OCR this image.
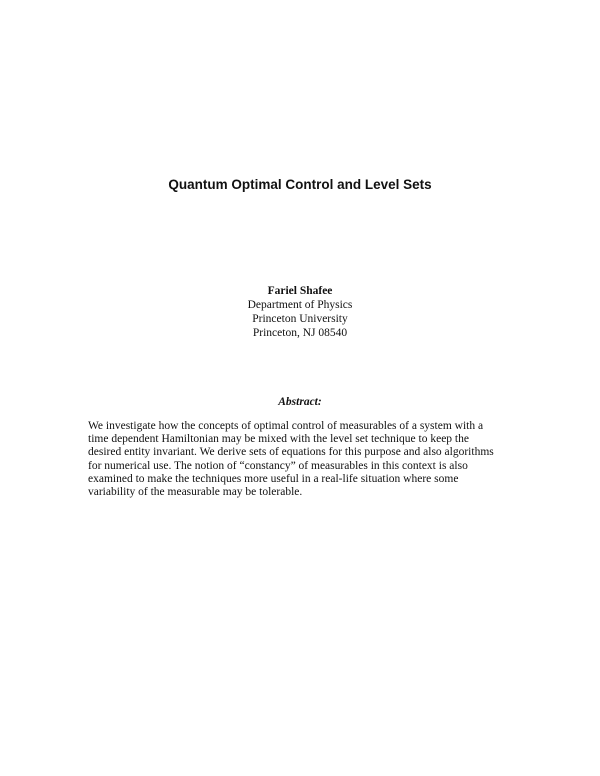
Quantum Optimal Control and Level Sets
Fariel Shafee
Department of Physics
Princeton University
Princeton, NJ 08540
Abstract:

We investigate how the concepts of optimal control of measurables of a system with a
time dependent Hamiltonian may be mixed with the level set technique to keep the
desired entity invariant. We derive sets of equations for this purpose and also algorithms
for numerical use. The notion of “constancy” of measurables in this context is also
examined to make the techniques more useful in a real-life situation where some
variability of the measurable may be tolerable.
